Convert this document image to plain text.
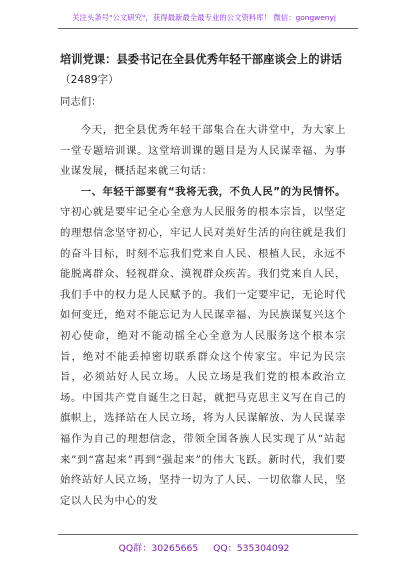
关注头条号"公文研究"，获得最新最全最专业的公文资料库！ 微信：gongwenyj
培训党课：县委书记在全县优秀年轻干部座谈会上的讲话
（2489字）
同志们：

今天，把全县优秀年轻干部集合在大讲堂中，为大家上一堂专题培训课。这堂培训课的题目是为人民谋幸福、为事业谋发展，概括起来就三句话：

一、年轻干部要有“我将无我，不负人民”的为民情怀。守初心就是要牢记全心全意为人民服务的根本宗旨，以坚定的理想信念坚守初心，牢记人民对美好生活的向往就是我们的奋斗目标，时刻不忘我们党来自人民、根植人民，永远不能脱离群众、轻视群众、漠视群众疾苦。我们党来自人民，我们手中的权力是人民赋予的。我们一定要牢记，无论时代如何变迁，绝对不能忘记为人民谋幸福、为民族谋复兴这个初心使命，绝对不能动摇全心全意为人民服务这个根本宗旨，绝对不能丢掉密切联系群众这个传家宝。牢记为民宗旨，必须站好人民立场。人民立场是我们党的根本政治立场。中国共产党自诞生之日起，就把马克思主义写在自己的旗帜上，选择站在人民立场，将为人民谋解放、为人民谋幸福作为自己的理想信念，带领全国各族人民实现了从“站起来”到“富起来”再到“强起来”的伟大飞跃。新时代，我们要始终站好人民立场，坚持一切为了人民、一切依靠人民，坚定以人民为中心的发

QQ群：30265665 QQ：535304092
